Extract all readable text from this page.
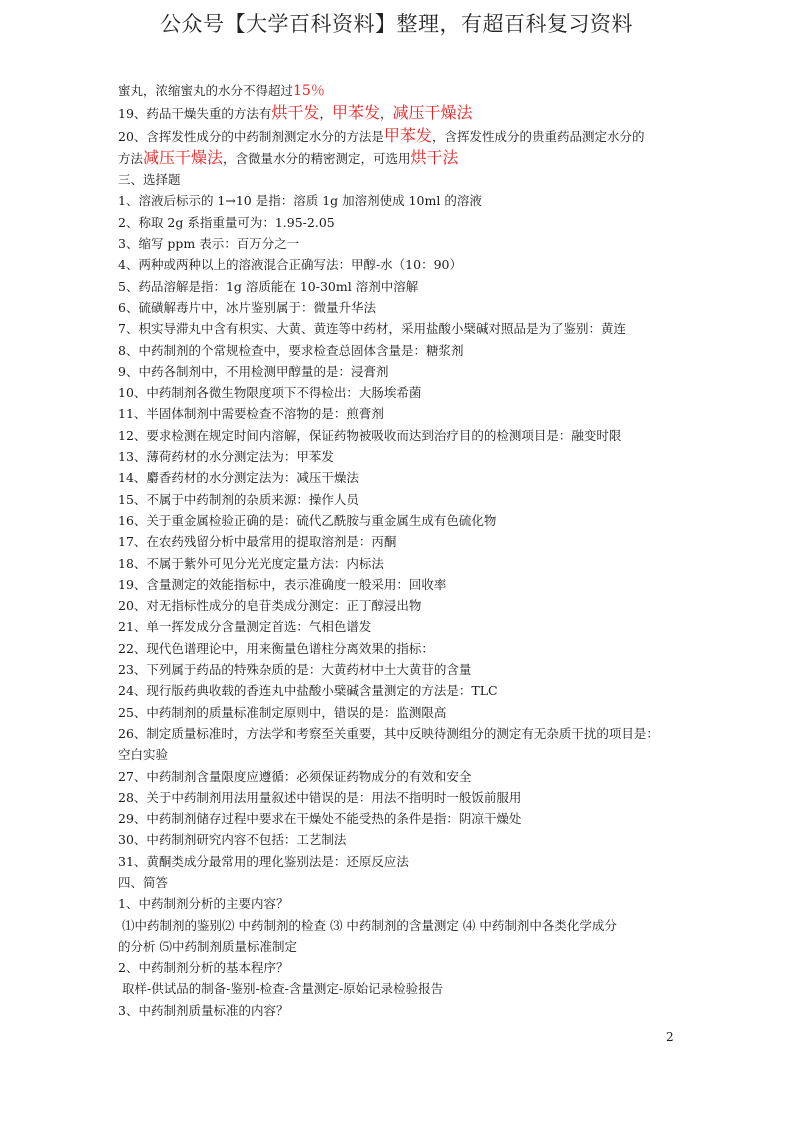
公众号【大学百科资料】整理，有超百科复习资料
蜜丸，浓缩蜜丸的水分不得超过15％
19、药品干燥失重的方法有烘干发，甲苯发，减压干燥法
20、含挥发性成分的中药制剂测定水分的方法是甲苯发，含挥发性成分的贵重药品测定水分的
方法减压干燥法，含微量水分的精密测定，可选用烘干法
三、选择题
1、溶液后标示的 1→10 是指：溶质 1g 加溶剂使成 10ml 的溶液
2、称取 2g 系指重量可为：1.95-2.05
3、缩写 ppm 表示：百万分之一
4、两种或两种以上的溶液混合正确写法：甲醇-水（10：90）
5、药品溶解是指：1g 溶质能在 10-30ml 溶剂中溶解
6、硫磺解毒片中，冰片鉴别属于：微量升华法
7、枳实导滞丸中含有枳实、大黄、黄连等中药材，采用盐酸小檗碱对照品是为了鉴别：黄连
8、中药制剂的个常规检查中，要求检查总固体含量是：糖浆剂
9、中药各制剂中，不用检测甲醇量的是：浸膏剂
10、中药制剂各微生物限度项下不得检出：大肠埃希菌
11、半固体制剂中需要检查不溶物的是：煎膏剂
12、要求检测在规定时间内溶解，保证药物被吸收而达到治疗目的的检测项目是：融变时限
13、薄荷药材的水分测定法为：甲苯发
14、麝香药材的水分测定法为：减压干燥法
15、不属于中药制剂的杂质来源：操作人员
16、关于重金属检验正确的是：硫代乙酰胺与重金属生成有色硫化物
17、在农药残留分析中最常用的提取溶剂是：丙酮
18、不属于紫外可见分光光度定量方法：内标法
19、含量测定的效能指标中，表示准确度一般采用：回收率
20、对无指标性成分的皂苷类成分测定：正丁醇浸出物
21、单一挥发成分含量测定首选：气相色谱发
22、现代色谱理论中，用来衡量色谱柱分离效果的指标：
23、下列属于药品的特殊杂质的是：大黄药材中土大黄苷的含量
24、现行版药典收载的香连丸中盐酸小檗碱含量测定的方法是：TLC
25、中药制剂的质量标准制定原则中，错误的是：监测限高
26、制定质量标准时，方法学和考察至关重要，其中反映待测组分的测定有无杂质干扰的项目是：
空白实验
27、中药制剂含量限度应遵循：必须保证药物成分的有效和安全
28、关于中药制剂用法用量叙述中错误的是：用法不指明时一般饭前服用
29、中药制剂储存过程中要求在干燥处不能受热的条件是指：阴凉干燥处
30、中药制剂研究内容不包括：工艺制法
31、黄酮类成分最常用的理化鉴别法是：还原反应法
四、简答
1、中药制剂分析的主要内容？
⑴中药制剂的鉴别⑵ 中药制剂的检查 ⑶ 中药制剂的含量测定 ⑷ 中药制剂中各类化学成分
的分析 ⑸中药制剂质量标准制定
2、中药制剂分析的基本程序？
取样-供试品的制备-鉴别-检查-含量测定-原始记录检验报告
3、中药制剂质量标准的内容？
2
